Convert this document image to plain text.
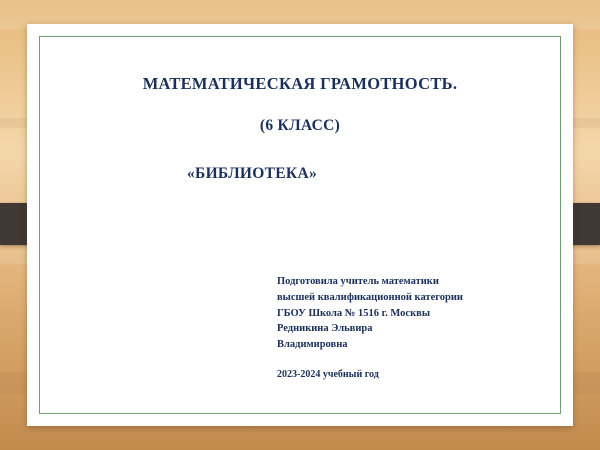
МАТЕМАТИЧЕСКАЯ ГРАМОТНОСТЬ.
(6 КЛАСС)
«БИБЛИОТЕКА»
Подготовила учитель математики
высшей квалификационной категории
ГБОУ Школа № 1516 г. Москвы
Редникина Эльвира
Владимировна
2023-2024 учебный год
